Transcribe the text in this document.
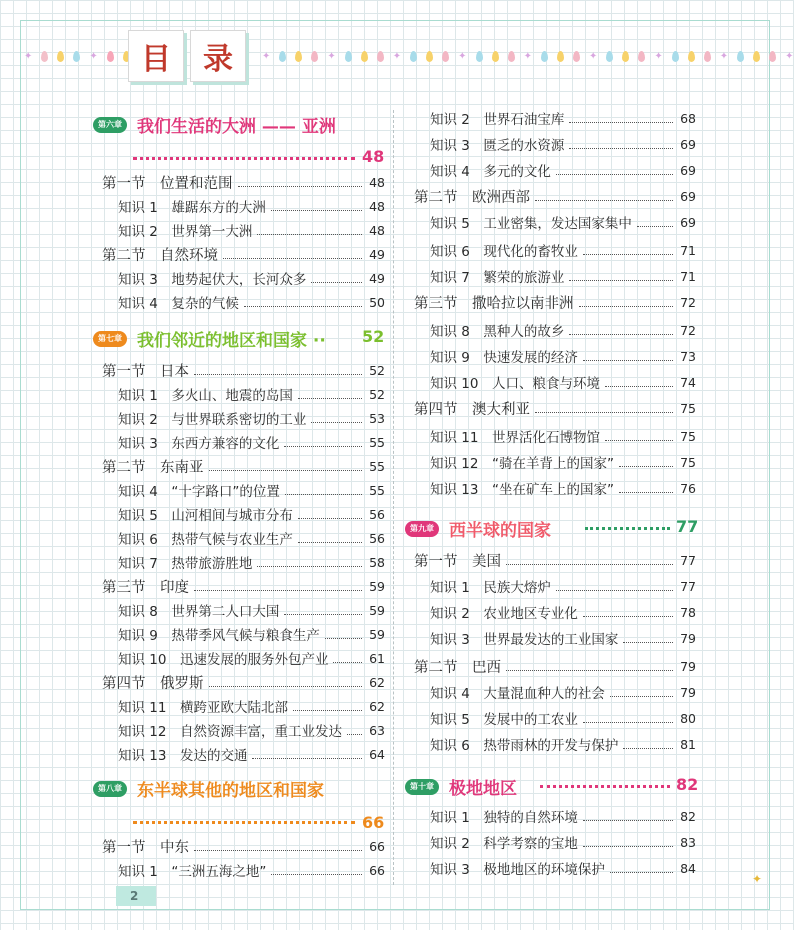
✦	✦	✦	✦	✦	✦	✦	✦	✦	✦	✦
目 录
第六章 我们生活的大洲 —— 亚洲
48
第一节　位置和范围	48
知识 1　雄踞东方的大洲	48
知识 2　世界第一大洲	48
第二节　自然环境	49
知识 3　地势起伏大，长河众多	49
知识 4　复杂的气候	50
第七章 我们邻近的地区和国家 ·· 52
第一节　日本	52
知识 1　多火山、地震的岛国	52
知识 2　与世界联系密切的工业	53
知识 3　东西方兼容的文化	55
第二节　东南亚	55
知识 4　“十字路口”的位置	55
知识 5　山河相间与城市分布	56
知识 6　热带气候与农业生产	56
知识 7　热带旅游胜地	58
第三节　印度	59
知识 8　世界第二人口大国	59
知识 9　热带季风气候与粮食生产	59
知识 10　迅速发展的服务外包产业	61
第四节　俄罗斯	62
知识 11　横跨亚欧大陆北部	62
知识 12　自然资源丰富，重工业发达 63
知识 13　发达的交通	64
第八章 东半球其他的地区和国家
66
第一节　中东	66
知识 1　“三洲五海之地”	66
知识 2　世界石油宝库	68
知识 3　匮乏的水资源	69
知识 4　多元的文化	69
第二节　欧洲西部	69
知识 5　工业密集，发达国家集中	69
知识 6　现代化的畜牧业	71
知识 7　繁荣的旅游业	71
第三节　撒哈拉以南非洲	72
知识 8　黑种人的故乡	72
知识 9　快速发展的经济	73
知识 10　人口、粮食与环境	74
第四节　澳大利亚	75
知识 11　世界活化石博物馆	75
知识 12　“骑在羊背上的国家”	75
知识 13　“坐在矿车上的国家”	76
第九章 西半球的国家	77
第一节　美国	77
知识 1　民族大熔炉	77
知识 2　农业地区专业化	78
知识 3　世界最发达的工业国家	79
第二节　巴西	79
知识 4　大量混血种人的社会	79
知识 5　发展中的工农业	80
知识 6　热带雨林的开发与保护	81
第十章 极地地区	82
知识 1　独特的自然环境	82
知识 2　科学考察的宝地	83
知识 3　极地地区的环境保护	84
2
✦
